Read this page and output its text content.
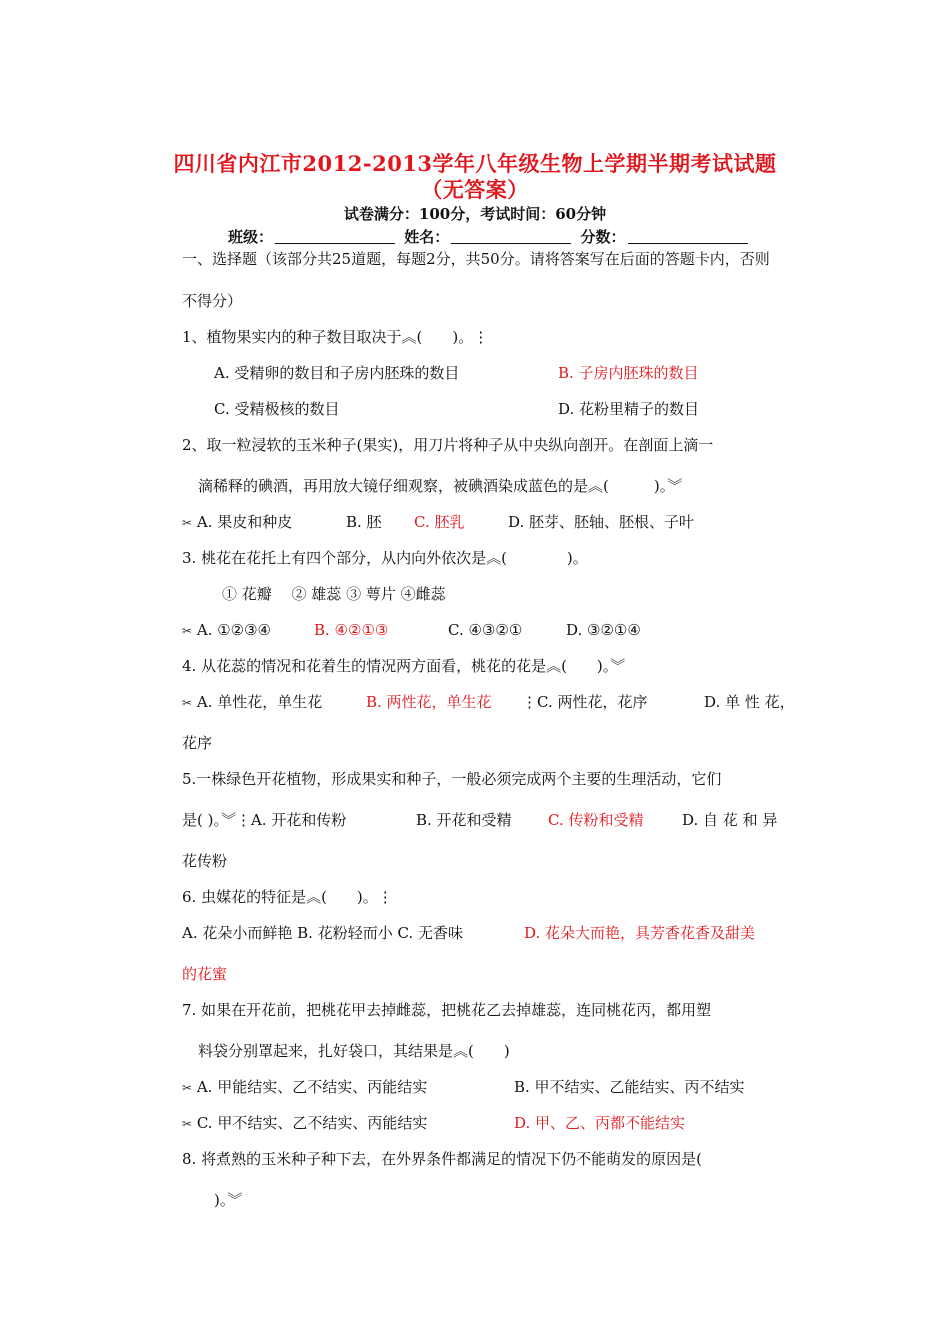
四川省内江市2012-2013学年八年级生物上学期半期考试试题
（无答案）
试卷满分：100分，考试时间：60分钟
班级：	姓名：	分数：
一、选择题（该部分共25道题，每题2分，共50分。请将答案写在后面的答题卡内，否则
不得分）
1、植物果实内的种子数目取决于︽(　　)。⋮
A. 受精卵的数目和子房内胚珠的数目	B. 子房内胚珠的数目
C. 受精极核的数目	D. 花粉里精子的数目
2、取一粒浸软的玉米种子(果实)，用刀片将种子从中央纵向剖开。在剖面上滴一
滴稀释的碘酒，再用放大镜仔细观察，被碘酒染成蓝色的是︽(　　　)。︾
✂ A. 果皮和种皮	B. 胚 C. 胚乳	D. 胚芽、胚轴、胚根、子叶
3. 桃花在花托上有四个部分，从内向外依次是︽(　　　　)。
① 花瓣　 ② 雄蕊 ③ 萼片 ④雌蕊
✂ A. ①②③④	B. ④②①③	C. ④③②①	D. ③②①④
4. 从花蕊的情况和花着生的情况两方面看，桃花的花是︽(　　)。︾
✂ A. 单性花，单生花	B. 两性花，单生花 ⋮C. 两性花，花序	D. 单 性 花，
花序
5.一株绿色开花植物，形成果实和种子，一般必须完成两个主要的生理活动，它们
是( )。︾⋮A. 开花和传粉	B. 开花和受精 C. 传粉和受精	D. 自 花 和 异
花传粉
6. 虫媒花的特征是︽(　　)。⋮
A. 花朵小而鲜艳 B. 花粉轻而小 C. 无香味	D. 花朵大而艳，具芳香花香及甜美
的花蜜
7. 如果在开花前，把桃花甲去掉雌蕊，把桃花乙去掉雄蕊，连同桃花丙，都用塑
料袋分别罩起来，扎好袋口，其结果是︽(　　)
✂ A. 甲能结实、乙不结实、丙能结实	B. 甲不结实、乙能结实、丙不结实
✂ C. 甲不结实、乙不结实、丙能结实	D. 甲、乙、丙都不能结实
8. 将煮熟的玉米种子种下去，在外界条件都满足的情况下仍不能萌发的原因是(
)。︾
